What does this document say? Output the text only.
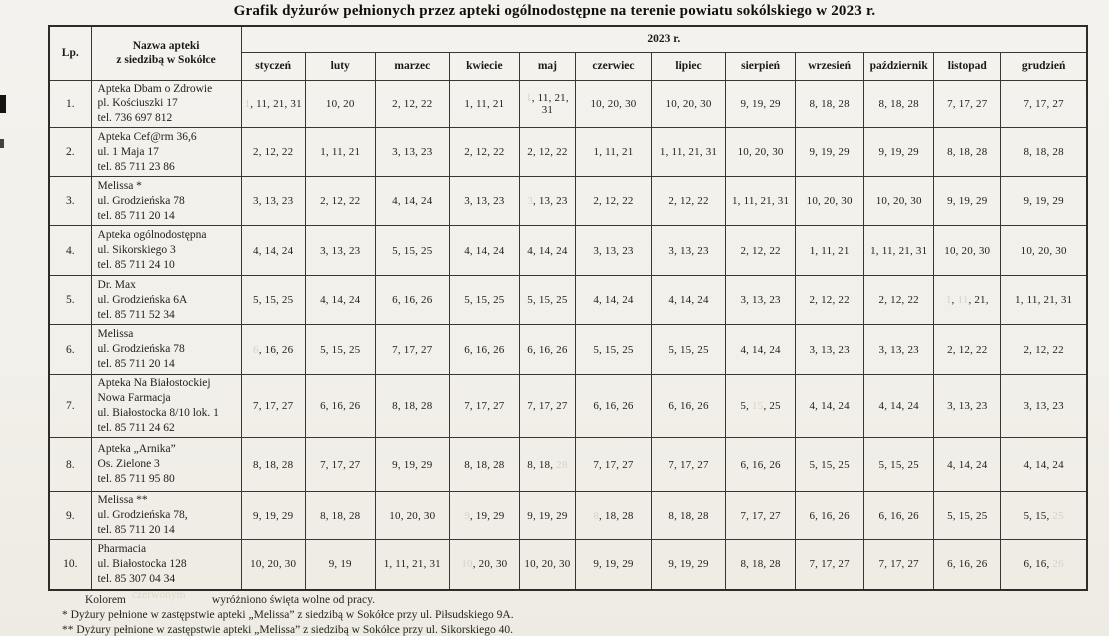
Grafik dyżurów pełnionych przez apteki ogólnodostępne na terenie powiatu sokólskiego w 2023 r.
Lp.	Nazwa apteki
z siedzibą w Sokółce	2023 r.											
		styczeń	luty	marzec	kwiecie	maj	czerwiec	lipiec	sierpień	wrzesień	październik	listopad	grudzień
1.	Apteka Dbam o Zdrowie
pl. Kościuszki 17
tel. 736 697 812	1, 11, 21, 31	10, 20	2, 12, 22	1, 11, 21	1, 11, 21, 31	10, 20, 30	10, 20, 30	9, 19, 29	8, 18, 28	8, 18, 28	7, 17, 27	7, 17, 27
2.	Apteka Cef@rm 36,6
ul. 1 Maja 17
tel. 85 711 23 86	2, 12, 22	1, 11, 21	3, 13, 23	2, 12, 22	2, 12, 22	1, 11, 21	1, 11, 21, 31	10, 20, 30	9, 19, 29	9, 19, 29	8, 18, 28	8, 18, 28
3.	Melissa *
ul. Grodzieńska 78
tel. 85 711 20 14	3, 13, 23	2, 12, 22	4, 14, 24	3, 13, 23	3, 13, 23	2, 12, 22	2, 12, 22	1, 11, 21, 31	10, 20, 30	10, 20, 30	9, 19, 29	9, 19, 29
4.	Apteka ogólnodostępna
ul. Sikorskiego 3
tel. 85 711 24 10	4, 14, 24	3, 13, 23	5, 15, 25	4, 14, 24	4, 14, 24	3, 13, 23	3, 13, 23	2, 12, 22	1, 11, 21	1, 11, 21, 31	10, 20, 30	10, 20, 30
5.	Dr. Max
ul. Grodzieńska 6A
tel. 85 711 52 34	5, 15, 25	4, 14, 24	6, 16, 26	5, 15, 25	5, 15, 25	4, 14, 24	4, 14, 24	3, 13, 23	2, 12, 22	2, 12, 22	1, 11, 21,	1, 11, 21, 31
6.	Melissa
ul. Grodzieńska 78
tel. 85 711 20 14	6, 16, 26	5, 15, 25	7, 17, 27	6, 16, 26	6, 16, 26	5, 15, 25	5, 15, 25	4, 14, 24	3, 13, 23	3, 13, 23	2, 12, 22	2, 12, 22
7.	Apteka Na Białostockiej
Nowa Farmacja
ul. Białostocka 8/10 lok. 1
tel. 85 711 24 62	7, 17, 27	6, 16, 26	8, 18, 28	7, 17, 27	7, 17, 27	6, 16, 26	6, 16, 26	5, 15, 25	4, 14, 24	4, 14, 24	3, 13, 23	3, 13, 23
8.	Apteka „Arnika”
Os. Zielone 3
tel. 85 711 95 80	8, 18, 28	7, 17, 27	9, 19, 29	8, 18, 28	8, 18, 28	7, 17, 27	7, 17, 27	6, 16, 26	5, 15, 25	5, 15, 25	4, 14, 24	4, 14, 24
9.	Melissa **
ul. Grodzieńska 78,
tel. 85 711 20 14	9, 19, 29	8, 18, 28	10, 20, 30	9, 19, 29	9, 19, 29	8, 18, 28	8, 18, 28	7, 17, 27	6, 16, 26	6, 16, 26	5, 15, 25	5, 15, 25
10.	Pharmacia
ul. Białostocka 128
tel. 85 307 04 34	10, 20, 30	9, 19	1, 11, 21, 31	10, 20, 30	10, 20, 30	9, 19, 29	9, 19, 29	8, 18, 28	7, 17, 27	7, 17, 27	6, 16, 26	6, 16, 26
Kolorem czerwonym wyróżniono święta wolne od pracy.
* Dyżury pełnione w zastępstwie apteki „Melissa” z siedzibą w Sokółce przy ul. Piłsudskiego 9A.
** Dyżury pełnione w zastępstwie apteki „Melissa” z siedzibą w Sokółce przy ul. Sikorskiego 40.
